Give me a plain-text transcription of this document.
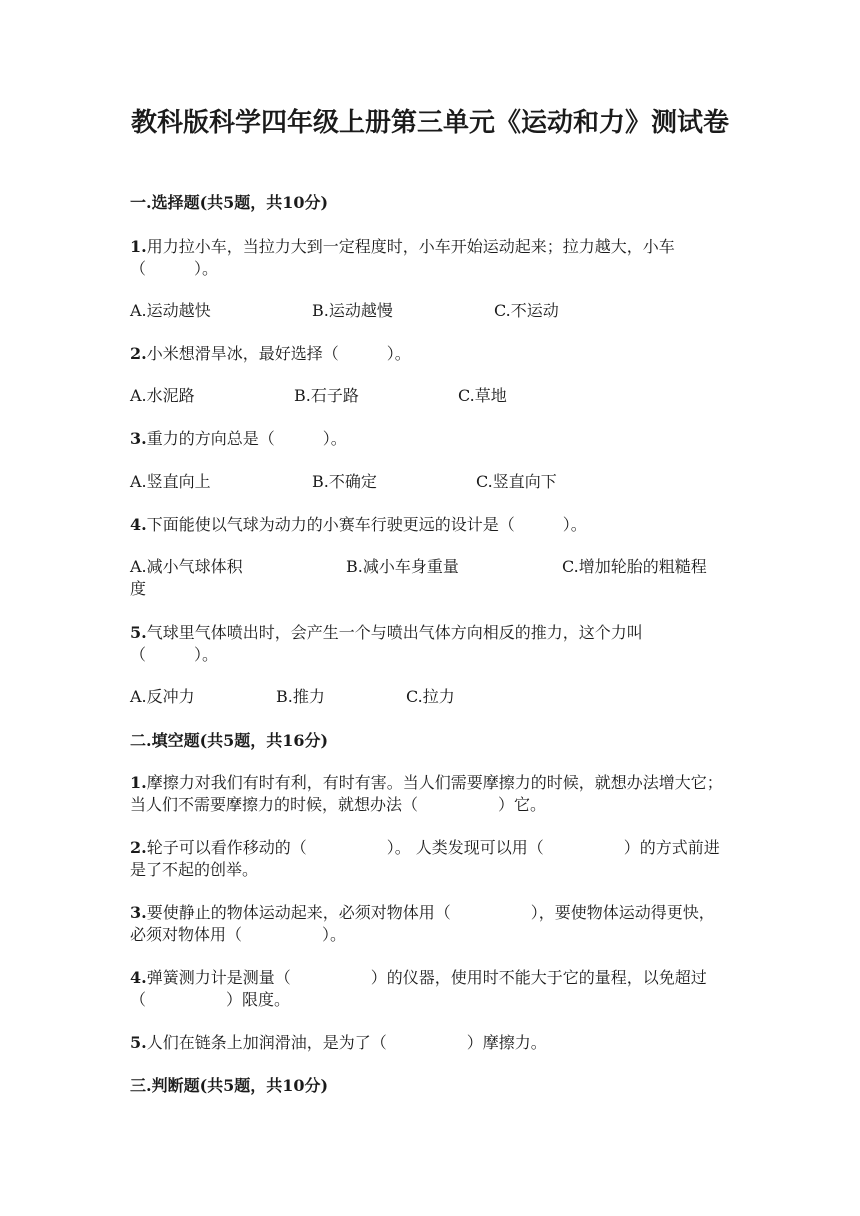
教科版科学四年级上册第三单元《运动和力》测试卷
一.选择题(共5题，共10分)
1.用力拉小车，当拉力大到一定程度时，小车开始运动起来；拉力越大，小车（　　　）。
A.运动越快	B.运动越慢	C.不运动
2.小米想滑旱冰，最好选择（　　　）。
A.水泥路	B.石子路	C.草地
3.重力的方向总是（　　　）。
A.竖直向上	B.不确定	C.竖直向下
4.下面能使以气球为动力的小赛车行驶更远的设计是（　　　）。
A.减小气球体积	B.减小车身重量	C.增加轮胎的粗糙程
度
5.气球里气体喷出时，会产生一个与喷出气体方向相反的推力，这个力叫（　　　）。
A.反冲力	B.推力	C.拉力
二.填空题(共5题，共16分)
1.摩擦力对我们有时有利，有时有害。当人们需要摩擦力的时候，就想办法增大它；当人们不需要摩擦力的时候，就想办法（　　　　　）它。
2.轮子可以看作移动的（　　　　　）。 人类发现可以用（　　　　　）的方式前进是了不起的创举。
3.要使静止的物体运动起来，必须对物体用（　　　　　），要使物体运动得更快，必须对物体用（　　　　　）。
4.弹簧测力计是测量（　　　　　）的仪器，使用时不能大于它的量程，以免超过（　　　　　）限度。
5.人们在链条上加润滑油，是为了（　　　　　）摩擦力。
三.判断题(共5题，共10分)
